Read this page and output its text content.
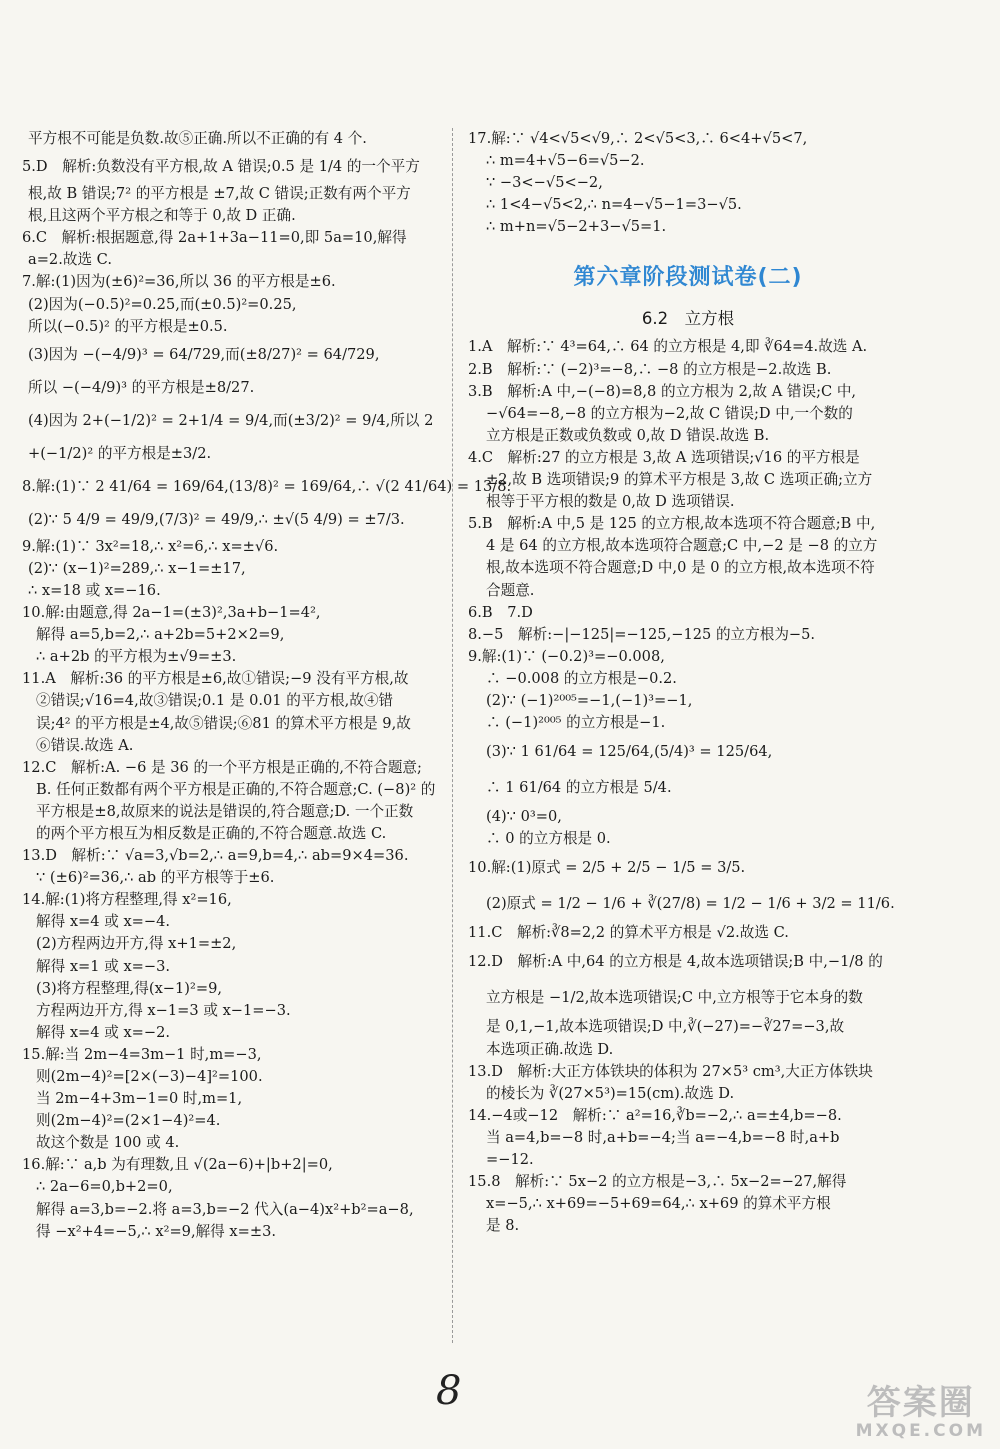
平方根不可能是负数.故⑤正确.所以不正确的有 4 个.
5.D　解析:负数没有平方根,故 A 错误;0.5 是 1/4 的一个平方
根,故 B 错误;7² 的平方根是 ±7,故 C 错误;正数有两个平方
根,且这两个平方根之和等于 0,故 D 正确.
6.C　解析:根据题意,得 2a+1+3a−11=0,即 5a=10,解得
a=2.故选 C.
7.解:(1)因为(±6)²=36,所以 36 的平方根是±6.
(2)因为(−0.5)²=0.25,而(±0.5)²=0.25,
所以(−0.5)² 的平方根是±0.5.
(3)因为 −(−4/9)³ = 64/729,而(±8/27)² = 64/729,
所以 −(−4/9)³ 的平方根是±8/27.
(4)因为 2+(−1/2)² = 2+1/4 = 9/4,而(±3/2)² = 9/4,所以 2
+(−1/2)² 的平方根是±3/2.
8.解:(1)∵ 2 41/64 = 169/64,(13/8)² = 169/64,∴ √(2 41/64) = 13/8.
(2)∵ 5 4/9 = 49/9,(7/3)² = 49/9,∴ ±√(5 4/9) = ±7/3.
9.解:(1)∵ 3x²=18,∴ x²=6,∴ x=±√6.
(2)∵ (x−1)²=289,∴ x−1=±17,
∴ x=18 或 x=−16.
10.解:由题意,得 2a−1=(±3)²,3a+b−1=4²,
解得 a=5,b=2,∴ a+2b=5+2×2=9,
∴ a+2b 的平方根为±√9=±3.
11.A　解析:36 的平方根是±6,故①错误;−9 没有平方根,故
②错误;√16=4,故③错误;0.1 是 0.01 的平方根,故④错
误;4² 的平方根是±4,故⑤错误;⑥81 的算术平方根是 9,故
⑥错误.故选 A.
12.C　解析:A. −6 是 36 的一个平方根是正确的,不符合题意;
B. 任何正数都有两个平方根是正确的,不符合题意;C. (−8)² 的
平方根是±8,故原来的说法是错误的,符合题意;D. 一个正数
的两个平方根互为相反数是正确的,不符合题意.故选 C.
13.D　解析:∵ √a=3,√b=2,∴ a=9,b=4,∴ ab=9×4=36.
∵ (±6)²=36,∴ ab 的平方根等于±6.
14.解:(1)将方程整理,得 x²=16,
解得 x=4 或 x=−4.
(2)方程两边开方,得 x+1=±2,
解得 x=1 或 x=−3.
(3)将方程整理,得(x−1)²=9,
方程两边开方,得 x−1=3 或 x−1=−3.
解得 x=4 或 x=−2.
15.解:当 2m−4=3m−1 时,m=−3,
则(2m−4)²=[2×(−3)−4]²=100.
当 2m−4+3m−1=0 时,m=1,
则(2m−4)²=(2×1−4)²=4.
故这个数是 100 或 4.
16.解:∵ a,b 为有理数,且 √(2a−6)+|b+2|=0,
∴ 2a−6=0,b+2=0,
解得 a=3,b=−2.将 a=3,b=−2 代入(a−4)x²+b²=a−8,
得 −x²+4=−5,∴ x²=9,解得 x=±3.
17.解:∵ √4<√5<√9,∴ 2<√5<3,∴ 6<4+√5<7,
∴ m=4+√5−6=√5−2.
∵ −3<−√5<−2,
∴ 1<4−√5<2,∴ n=4−√5−1=3−√5.
∴ m+n=√5−2+3−√5=1.
第六章阶段测试卷(二)
6.2　立方根
1.A　解析:∵ 4³=64,∴ 64 的立方根是 4,即 ∛64=4.故选 A.
2.B　解析:∵ (−2)³=−8,∴ −8 的立方根是−2.故选 B.
3.B　解析:A 中,−(−8)=8,8 的立方根为 2,故 A 错误;C 中,
−√64=−8,−8 的立方根为−2,故 C 错误;D 中,一个数的
立方根是正数或负数或 0,故 D 错误.故选 B.
4.C　解析:27 的立方根是 3,故 A 选项错误;√16 的平方根是
±2,故 B 选项错误;9 的算术平方根是 3,故 C 选项正确;立方
根等于平方根的数是 0,故 D 选项错误.
5.B　解析:A 中,5 是 125 的立方根,故本选项不符合题意;B 中,
4 是 64 的立方根,故本选项符合题意;C 中,−2 是 −8 的立方
根,故本选项不符合题意;D 中,0 是 0 的立方根,故本选项不符
合题意.
6.B　7.D
8.−5　解析:−|−125|=−125,−125 的立方根为−5.
9.解:(1)∵ (−0.2)³=−0.008,
∴ −0.008 的立方根是−0.2.
(2)∵ (−1)²⁰⁰⁵=−1,(−1)³=−1,
∴ (−1)²⁰⁰⁵ 的立方根是−1.
(3)∵ 1 61/64 = 125/64,(5/4)³ = 125/64,
∴ 1 61/64 的立方根是 5/4.
(4)∵ 0³=0,
∴ 0 的立方根是 0.
10.解:(1)原式 = 2/5 + 2/5 − 1/5 = 3/5.
(2)原式 = 1/2 − 1/6 + ∛(27/8) = 1/2 − 1/6 + 3/2 = 11/6.
11.C　解析:∛8=2,2 的算术平方根是 √2.故选 C.
12.D　解析:A 中,64 的立方根是 4,故本选项错误;B 中,−1/8 的
立方根是 −1/2,故本选项错误;C 中,立方根等于它本身的数
是 0,1,−1,故本选项错误;D 中,∛(−27)=−∛27=−3,故
本选项正确.故选 D.
13.D　解析:大正方体铁块的体积为 27×5³ cm³,大正方体铁块
的棱长为 ∛(27×5³)=15(cm).故选 D.
14.−4或−12　解析:∵ a²=16,∛b=−2,∴ a=±4,b=−8.
当 a=4,b=−8 时,a+b=−4;当 a=−4,b=−8 时,a+b
=−12.
15.8　解析:∵ 5x−2 的立方根是−3,∴ 5x−2=−27,解得
x=−5,∴ x+69=−5+69=64,∴ x+69 的算术平方根
是 8.
8	答案圈
MXQE.COM
